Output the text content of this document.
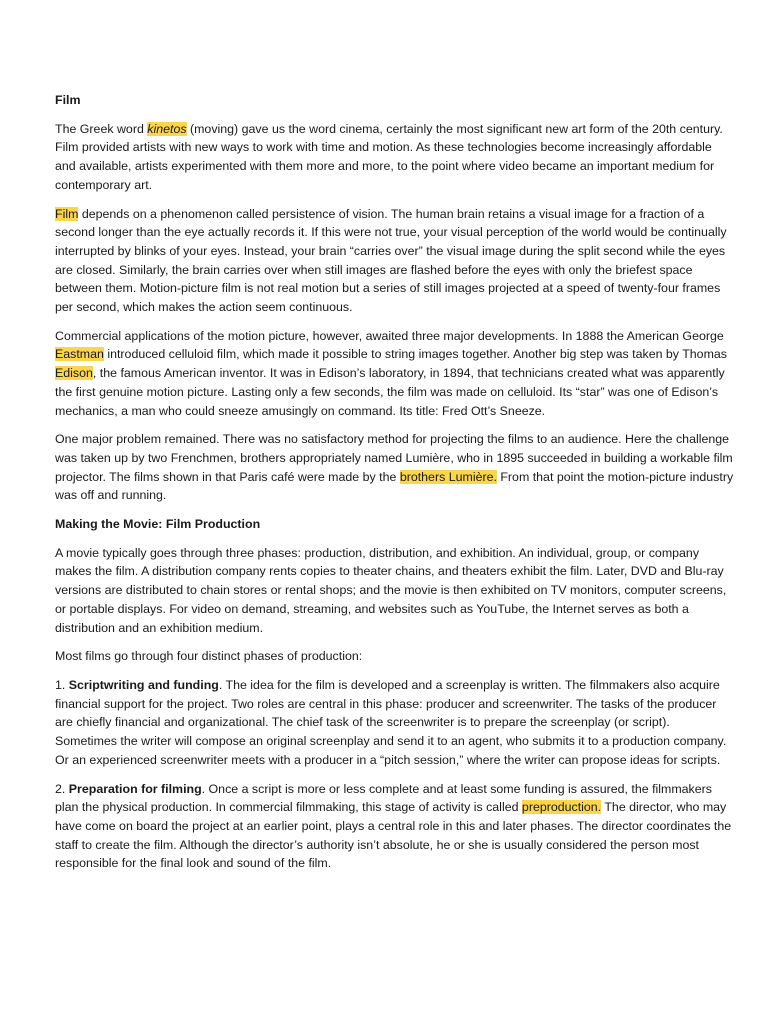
Film

The Greek word kinetos (moving) gave us the word cinema, certainly the most significant new art form of the 20th century. Film provided artists with new ways to work with time and motion. As these technologies become increasingly affordable and available, artists experimented with them more and more, to the point where video became an important medium for contemporary art.

Film depends on a phenomenon called persistence of vision. The human brain retains a visual image for a fraction of a second longer than the eye actually records it. If this were not true, your visual perception of the world would be continually interrupted by blinks of your eyes. Instead, your brain “carries over” the visual image during the split second while the eyes are closed. Similarly, the brain carries over when still images are flashed before the eyes with only the briefest space between them. Motion-picture film is not real motion but a series of still images projected at a speed of twenty-four frames per second, which makes the action seem continuous.

Commercial applications of the motion picture, however, awaited three major developments. In 1888 the American George Eastman introduced celluloid film, which made it possible to string images together. Another big step was taken by Thomas Edison, the famous American inventor. It was in Edison’s laboratory, in 1894, that technicians created what was apparently the first genuine motion picture. Lasting only a few seconds, the film was made on celluloid. Its “star” was one of Edison’s mechanics, a man who could sneeze amusingly on command. Its title: Fred Ott’s Sneeze.

One major problem remained. There was no satisfactory method for projecting the films to an audience. Here the challenge was taken up by two Frenchmen, brothers appropriately named Lumière, who in 1895 succeeded in building a workable film projector. The films shown in that Paris café were made by the brothers Lumière. From that point the motion-picture industry was off and running.

Making the Movie: Film Production

A movie typically goes through three phases: production, distribution, and exhibition. An individual, group, or company makes the film. A distribution company rents copies to theater chains, and theaters exhibit the film. Later, DVD and Blu-ray versions are distributed to chain stores or rental shops; and the movie is then exhibited on TV monitors, computer screens, or portable displays. For video on demand, streaming, and websites such as YouTube, the Internet serves as both a distribution and an exhibition medium.

Most films go through four distinct phases of production:

1. Scriptwriting and funding. The idea for the film is developed and a screenplay is written. The filmmakers also acquire financial support for the project. Two roles are central in this phase: producer and screenwriter. The tasks of the producer are chiefly financial and organizational. The chief task of the screenwriter is to prepare the screenplay (or script). Sometimes the writer will compose an original screenplay and send it to an agent, who submits it to a production company. Or an experienced screenwriter meets with a producer in a “pitch session,” where the writer can propose ideas for scripts.

2. Preparation for filming. Once a script is more or less complete and at least some funding is assured, the filmmakers plan the physical production. In commercial filmmaking, this stage of activity is called preproduction. The director, who may have come on board the project at an earlier point, plays a central role in this and later phases. The director coordinates the staff to create the film. Although the director’s authority isn’t absolute, he or she is usually considered the person most responsible for the final look and sound of the film.
